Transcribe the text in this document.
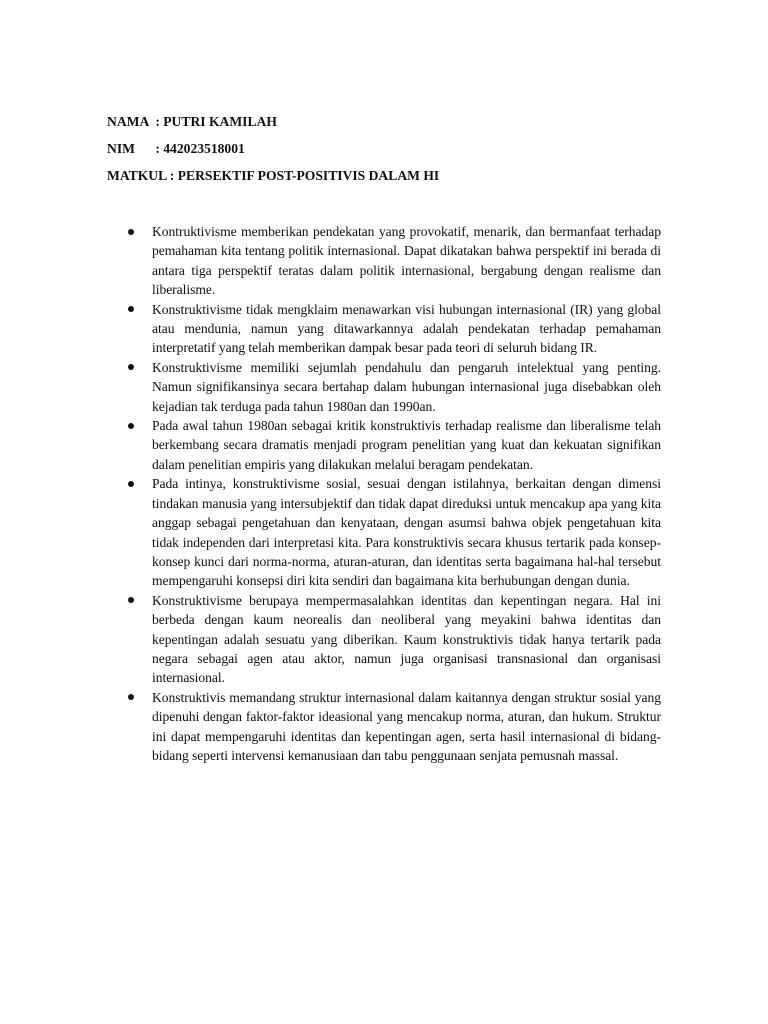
NAMA  : PUTRI KAMILAH
NIM      : 442023518001
MATKUL : PERSEKTIF POST-POSITIVIS DALAM HI
Kontruktivisme memberikan pendekatan yang provokatif, menarik, dan bermanfaat terhadap pemahaman kita tentang politik internasional. Dapat dikatakan bahwa perspektif ini berada di antara tiga perspektif teratas dalam politik internasional, bergabung dengan realisme dan liberalisme.
Konstruktivisme tidak mengklaim menawarkan visi hubungan internasional (IR) yang global atau mendunia, namun yang ditawarkannya adalah pendekatan terhadap pemahaman interpretatif yang telah memberikan dampak besar pada teori di seluruh bidang IR.
Konstruktivisme memiliki sejumlah pendahulu dan pengaruh intelektual yang penting. Namun signifikansinya secara bertahap dalam hubungan internasional juga disebabkan oleh kejadian tak terduga pada tahun 1980an dan 1990an.
Pada awal tahun 1980an sebagai kritik konstruktivis terhadap realisme dan liberalisme telah berkembang secara dramatis menjadi program penelitian yang kuat dan kekuatan signifikan dalam penelitian empiris yang dilakukan melalui beragam pendekatan.
Pada intinya, konstruktivisme sosial, sesuai dengan istilahnya, berkaitan dengan dimensi tindakan manusia yang intersubjektif dan tidak dapat direduksi untuk mencakup apa yang kita anggap sebagai pengetahuan dan kenyataan, dengan asumsi bahwa objek pengetahuan kita tidak independen dari interpretasi kita. Para konstruktivis secara khusus tertarik pada konsep-konsep kunci dari norma-norma, aturan-aturan, dan identitas serta bagaimana hal-hal tersebut mempengaruhi konsepsi diri kita sendiri dan bagaimana kita berhubungan dengan dunia.
Konstruktivisme berupaya mempermasalahkan identitas dan kepentingan negara. Hal ini berbeda dengan kaum neorealis dan neoliberal yang meyakini bahwa identitas dan kepentingan adalah sesuatu yang diberikan. Kaum konstruktivis tidak hanya tertarik pada negara sebagai agen atau aktor, namun juga organisasi transnasional dan organisasi internasional.
Konstruktivis memandang struktur internasional dalam kaitannya dengan struktur sosial yang dipenuhi dengan faktor-faktor ideasional yang mencakup norma, aturan, dan hukum. Struktur ini dapat mempengaruhi identitas dan kepentingan agen, serta hasil internasional di bidang-bidang seperti intervensi kemanusiaan dan tabu penggunaan senjata pemusnah massal.
